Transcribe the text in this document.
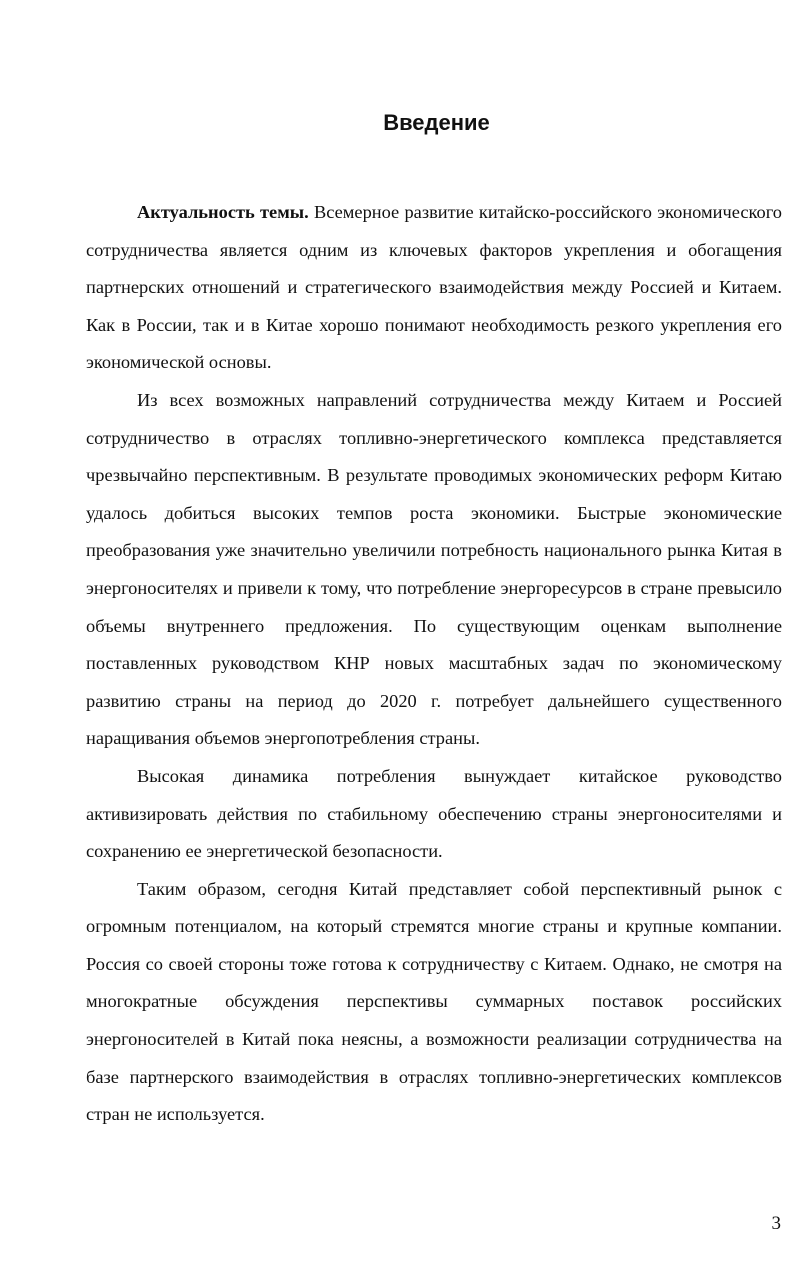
Введение

Актуальность темы. Всемерное развитие китайско-российского экономического сотрудничества является одним из ключевых факторов укрепления и обогащения партнерских отношений и стратегического взаимодействия между Россией и Китаем. Как в России, так и в Китае хорошо понимают необходимость резкого укрепления его экономической основы.

Из всех возможных направлений сотрудничества между Китаем и Россией сотрудничество в отраслях топливно-энергетического комплекса представляется чрезвычайно перспективным. В результате проводимых экономических реформ Китаю удалось добиться высоких темпов роста экономики. Быстрые экономические преобразования уже значительно увеличили потребность национального рынка Китая в энергоносителях и привели к тому, что потребление энергоресурсов в стране превысило объемы внутреннего предложения. По существующим оценкам выполнение поставленных руководством КНР новых масштабных задач по экономическому развитию страны на период до 2020 г. потребует дальнейшего существенного наращивания объемов энергопотребления страны.

Высокая динамика потребления вынуждает китайское руководство активизировать действия по стабильному обеспечению страны энергоносителями и сохранению ее энергетической безопасности.

Таким образом, сегодня Китай представляет собой перспективный рынок с огромным потенциалом, на который стремятся многие страны и крупные компании. Россия со своей стороны тоже готова к сотрудничеству с Китаем. Однако, не смотря на многократные обсуждения перспективы суммарных поставок российских энергоносителей в Китай пока неясны, а возможности реализации сотрудничества на базе партнерского взаимодействия в отраслях топливно-энергетических комплексов стран не используется.

3
